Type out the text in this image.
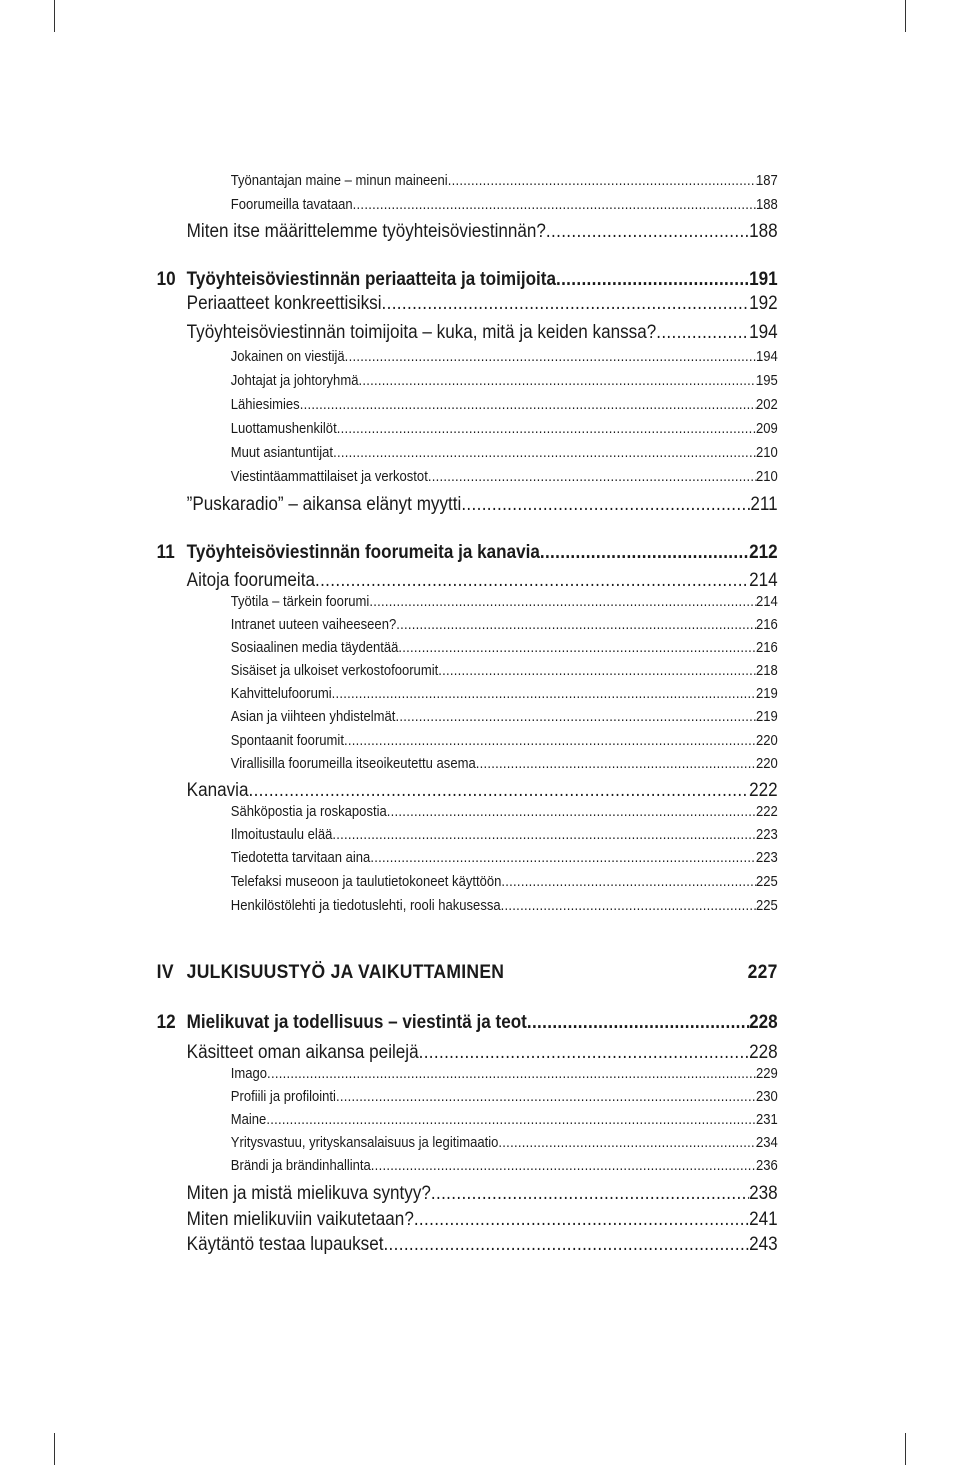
Työnantajan maine – minun maineeni .....	187
Foorumeilla tavataan .....	188
Miten itse määrittelemme työyhteisöviestinnän? .....	188
10 Työyhteisöviestinnän periaatteita ja toimijoita .....	191
Periaatteet konkreettisiksi .....	192
Työyhteisöviestinnän toimijoita – kuka, mitä ja keiden kanssa? .....	194
Jokainen on viestijä .....	194
Johtajat ja johtoryhmä .....	195
Lähiesimies .....	202
Luottamushenkilöt .....	209
Muut asiantuntijat .....	210
Viestintäammattilaiset ja verkostot .....	210
”Puskaradio” – aikansa elänyt myytti .....	211
11 Työyhteisöviestinnän foorumeita ja kanavia .....	212
Aitoja foorumeita .....	214
Työtila – tärkein foorumi .....	214
Intranet uuteen vaiheeseen? .....	216
Sosiaalinen media täydentää .....	216
Sisäiset ja ulkoiset verkostofoorumit .....	218
Kahvittelufoorumi .....	219
Asian ja viihteen yhdistelmät .....	219
Spontaanit foorumit .....	220
Virallisilla foorumeilla itseoikeutettu asema .....	220
Kanavia .....	222
Sähköpostia ja roskapostia .....	222
Ilmoitustaulu elää .....	223
Tiedotetta tarvitaan aina .....	223
Telefaksi museoon ja taulutietokoneet käyttöön .....	225
Henkilöstölehti ja tiedotuslehti, rooli hakusessa .....	225
IV JULKISUUSTYÖ JA VAIKUTTAMINEN	227
12 Mielikuvat ja todellisuus – viestintä ja teot .....	228
Käsitteet oman aikansa peilejä .....	228
Imago .....	229
Profiili ja profilointi .....	230
Maine .....	231
Yritysvastuu, yrityskansalaisuus ja legitimaatio .....	234
Brändi ja brändinhallinta .....	236
Miten ja mistä mielikuva syntyy? .....	238
Miten mielikuviin vaikutetaan? .....	241
Käytäntö testaa lupaukset .....	243
